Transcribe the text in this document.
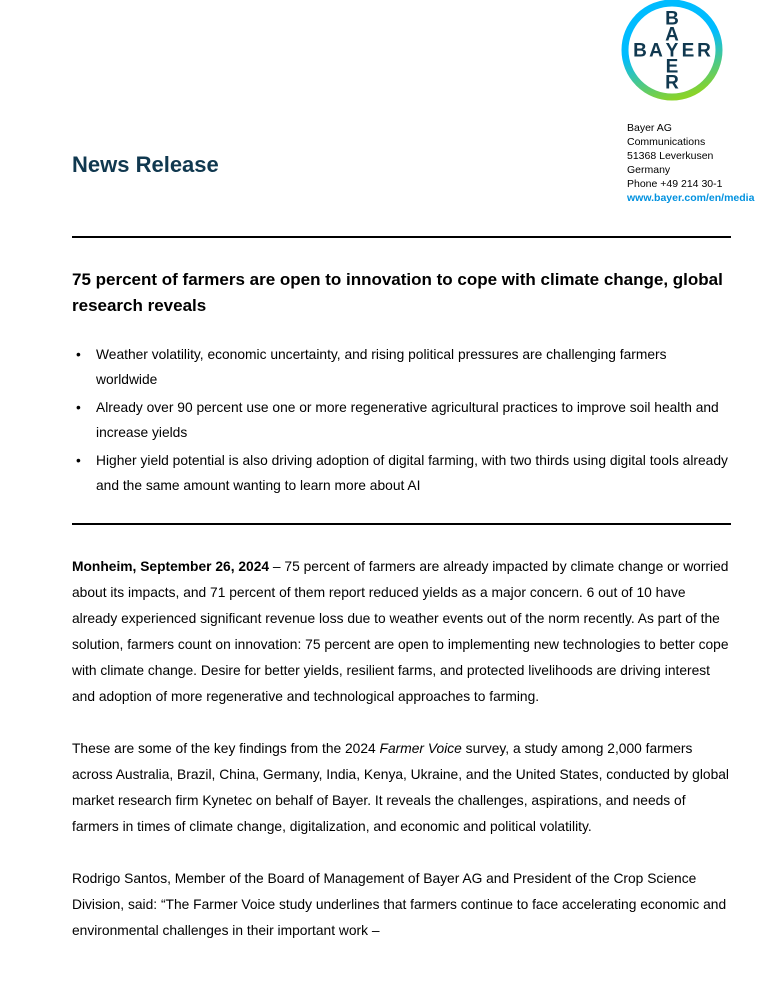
B A Y E R
B
A
E
R
Bayer AG
Communications
51368 Leverkusen
Germany
Phone +49 214 30-1
www.bayer.com/en/media
News Release
75 percent of farmers are open to innovation to cope with climate change, global research reveals
• Weather volatility, economic uncertainty, and rising political pressures are challenging farmers worldwide
• Already over 90 percent use one or more regenerative agricultural practices to improve soil health and increase yields
• Higher yield potential is also driving adoption of digital farming, with two thirds using digital tools already and the same amount wanting to learn more about AI

Monheim, September 26, 2024 – 75 percent of farmers are already impacted by climate change or worried about its impacts, and 71 percent of them report reduced yields as a major concern. 6 out of 10 have already experienced significant revenue loss due to weather events out of the norm recently. As part of the solution, farmers count on innovation: 75 percent are open to implementing new technologies to better cope with climate change. Desire for better yields, resilient farms, and protected livelihoods are driving interest and adoption of more regenerative and technological approaches to farming.

These are some of the key findings from the 2024 Farmer Voice survey, a study among 2,000 farmers across Australia, Brazil, China, Germany, India, Kenya, Ukraine, and the United States, conducted by global market research firm Kynetec on behalf of Bayer. It reveals the challenges, aspirations, and needs of farmers in times of climate change, digitalization, and economic and political volatility.

Rodrigo Santos, Member of the Board of Management of Bayer AG and President of the Crop Science Division, said: “The Farmer Voice study underlines that farmers continue to face accelerating economic and environmental challenges in their important work –
